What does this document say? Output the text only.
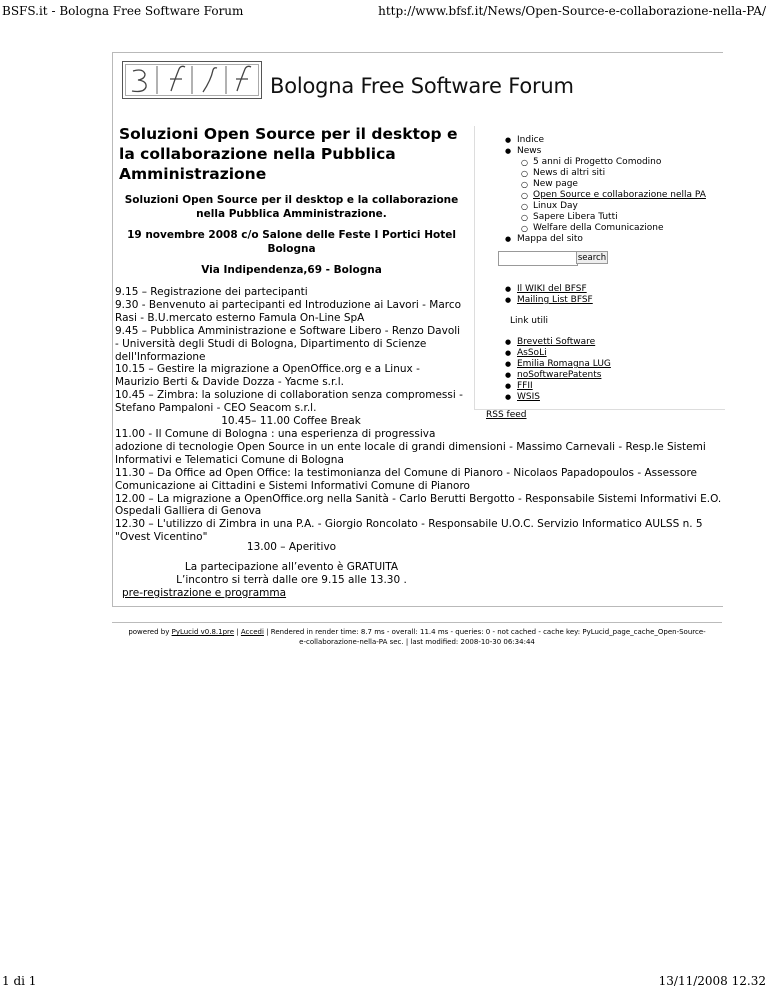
BSFS.it - Bologna Free Software Forum	http://www.bfsf.it/News/Open-Source-e-collaborazione-nella-PA/
Bologna Free Software Forum
Soluzioni Open Source per il desktop e la collaborazione nella Pubblica Amministrazione
Soluzioni Open Source per il desktop e la collaborazione nella Pubblica Amministrazione.
19 novembre 2008 c/o Salone delle Feste I Portici Hotel Bologna
Via Indipendenza,69 - Bologna

9.15 – Registrazione dei partecipanti

9.30 - Benvenuto ai partecipanti ed Introduzione ai Lavori - Marco Rasi - B.U.mercato esterno Famula On-Line SpA

9.45 – Pubblica Amministrazione e Software Libero - Renzo Davoli - Università degli Studi di Bologna, Dipartimento di Scienze dell'Informazione

10.15 – Gestire la migrazione a OpenOffice.org e a Linux - Maurizio Berti & Davide Dozza - Yacme s.r.l.

10.45 – Zimbra: la soluzione di collaboration senza compromessi - Stefano Pampaloni - CEO Seacom s.r.l.

10.45– 11.00 Coffee Break

11.00 - Il Comune di Bologna : una esperienza di progressiva

adozione di tecnologie Open Source in un ente locale di grandi dimensioni - Massimo Carnevali - Resp.le Sistemi Informativi e Telematici Comune di Bologna

11.30 – Da Office ad Open Office: la testimonianza del Comune di Pianoro - Nicolaos Papadopoulos - Assessore Comunicazione ai Cittadini e Sistemi Informativi Comune di Pianoro

12.00 – La migrazione a OpenOffice.org nella Sanità - Carlo Berutti Bergotto - Responsabile Sistemi Informativi E.O. Ospedali Galliera di Genova

12.30 – L'utilizzo di Zimbra in una P.A. - Giorgio Roncolato - Responsabile U.O.C. Servizio Informatico AULSS n. 5 "Ovest Vicentino"

13.00 – Aperitivo
La partecipazione all’evento è GRATUITA
L’incontro si terrà dalle ore 9.15 alle 13.30 .
pre-registrazione e programma
● Indice
● News
○ 5 anni di Progetto Comodino
○ News di altri siti
○ New page
○ Open Source e collaborazione nella PA
○ Linux Day
○ Sapere Libera Tutti
○ Welfare della Comunicazione
● Mappa del sito
● Il WIKI del BFSF
● Mailing List BFSF
Link utili
● Brevetti Software
● AsSoLi
● Emilia Romagna LUG
● noSoftwarePatents
● FFII
● WSIS
RSS feed
search
powered by PyLucid v0.8.1pre | Accedi | Rendered in render time: 8.7 ms - overall: 11.4 ms - queries: 0 - not cached - cache key: PyLucid_page_cache_Open-Source-
e-collaborazione-nella-PA sec. | last modified: 2008-10-30 06:34:44
1 di 1	13/11/2008 12.32
